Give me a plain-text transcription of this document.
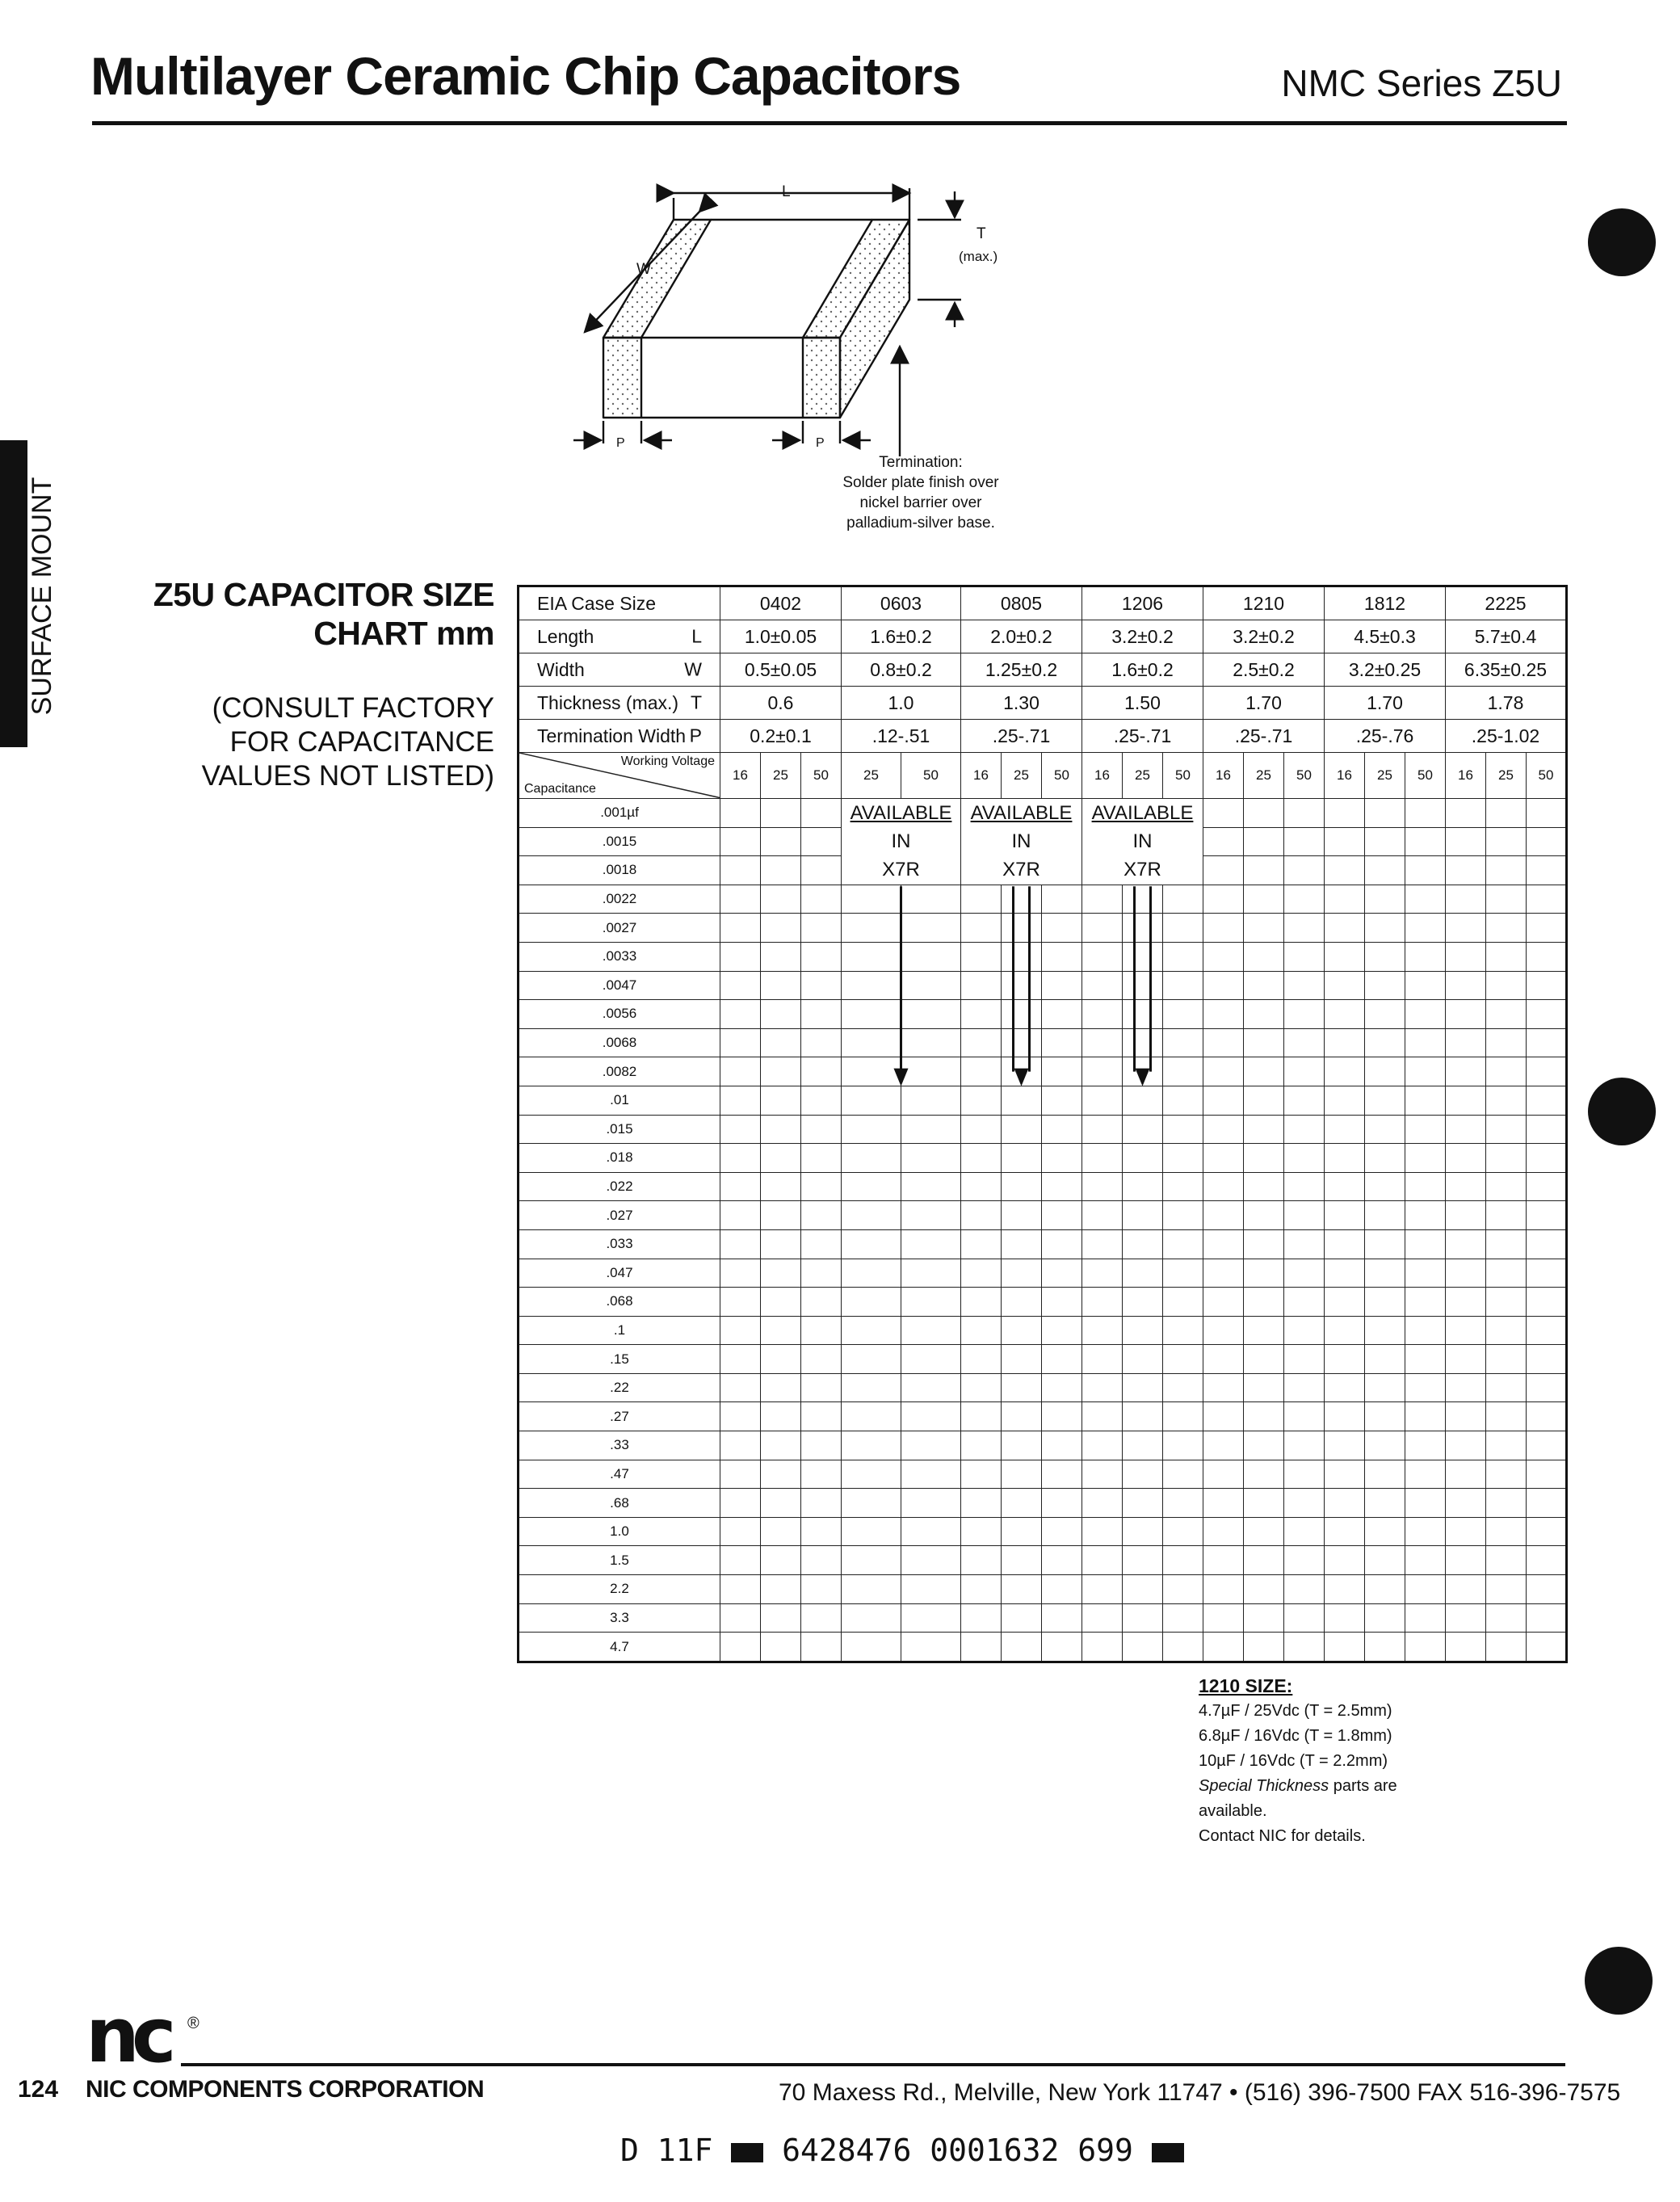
Multilayer Ceramic Chip Capacitors	NMC Series Z5U
SURFACE MOUNT	Z5U CAPACITOR SIZE
CHART mm
(CONSULT FACTORY
FOR CAPACITANCE
VALUES NOT LISTED)
L
W
T
(max.)
P	P
Termination:
Solder plate finish over
nickel barrier over
palladium-silver base.
EIA Case Size	0402			0603		0805			1206			1210			1812			2225		
Length L	1.0±0.05			1.6±0.2		2.0±0.2			3.2±0.2			3.2±0.2			4.5±0.3			5.7±0.4		
Width W	0.5±0.05			0.8±0.2		1.25±0.2			1.6±0.2			2.5±0.2			3.2±0.25			6.35±0.25		
Thickness (max.) T	0.6			1.0		1.30			1.50			1.70			1.70			1.78		
Termination Width P	0.2±0.1			.12-.51		.25-.71			.25-.71			.25-.71			.25-.76			.25-1.02		

Working Voltage
Capacitance	16	25	50	25	50	16	25	50	16	25	50	16	25	50	16	25	50	16	25	50
.001µf				AVAILABLE		AVAILABLE			AVAILABLE											
.0015				IN		IN			IN											
.0018				X7R		X7R			X7R											
.0022																				
.0027																				
.0033																				
.0047																				
.0056																				
.0068																				
.0082																				
.01																				
.015																				
.018																				
.022																				
.027																				
.033																				
.047																				
.068																				
.1																				
.15																				
.22																				
.27																				
.33																				
.47																				
.68																				
1.0																				
1.5																				
2.2																				
3.3																				
4.7																				
1210 SIZE:
4.7µF / 25Vdc (T = 2.5mm)
6.8µF / 16Vdc (T = 1.8mm)
10µF / 16Vdc (T = 2.2mm)
Special Thickness parts are
available.
Contact NIC for details.
nc ®
124 NIC COMPONENTS CORPORATION	70 Maxess Rd., Melville, New York 11747 • (516) 396-7500 FAX 516-396-7575
D 11F 6428476 0001632 699
